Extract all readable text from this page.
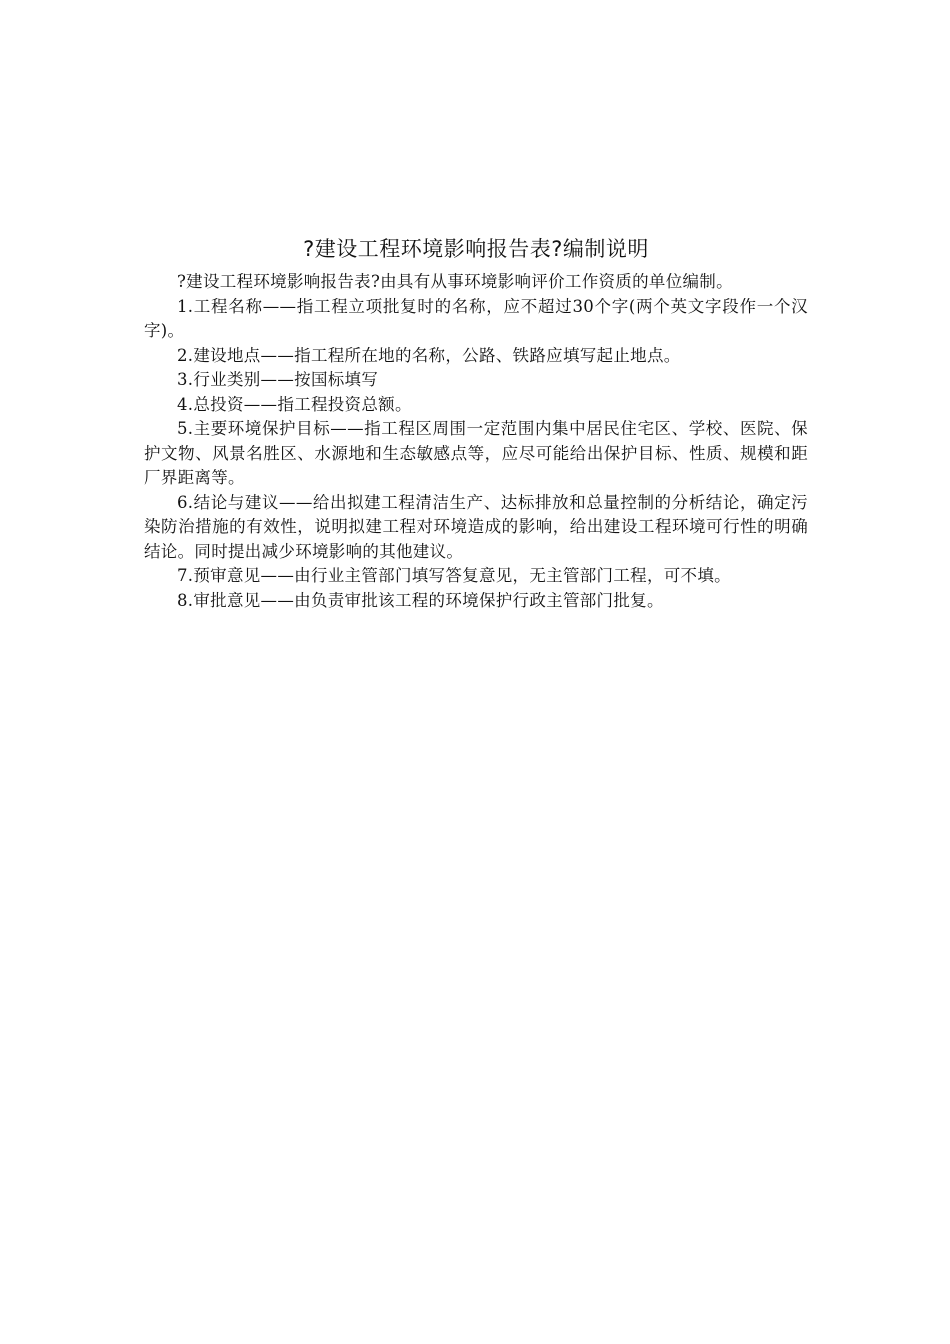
?建设工程环境影响报告表?编制说明

?建设工程环境影响报告表?由具有从事环境影响评价工作资质的单位编制。

1.工程名称——指工程立项批复时的名称，应不超过30个字(两个英文字段作一个汉字)。

2.建设地点——指工程所在地的名称，公路、铁路应填写起止地点。

3.行业类别——按国标填写

4.总投资——指工程投资总额。

5.主要环境保护目标——指工程区周围一定范围内集中居民住宅区、学校、医院、保护文物、风景名胜区、水源地和生态敏感点等，应尽可能给出保护目标、性质、规模和距厂界距离等。

6.结论与建议——给出拟建工程清洁生产、达标排放和总量控制的分析结论，确定污染防治措施的有效性，说明拟建工程对环境造成的影响，给出建设工程环境可行性的明确结论。同时提出减少环境影响的其他建议。

7.预审意见——由行业主管部门填写答复意见，无主管部门工程，可不填。

8.审批意见——由负责审批该工程的环境保护行政主管部门批复。
